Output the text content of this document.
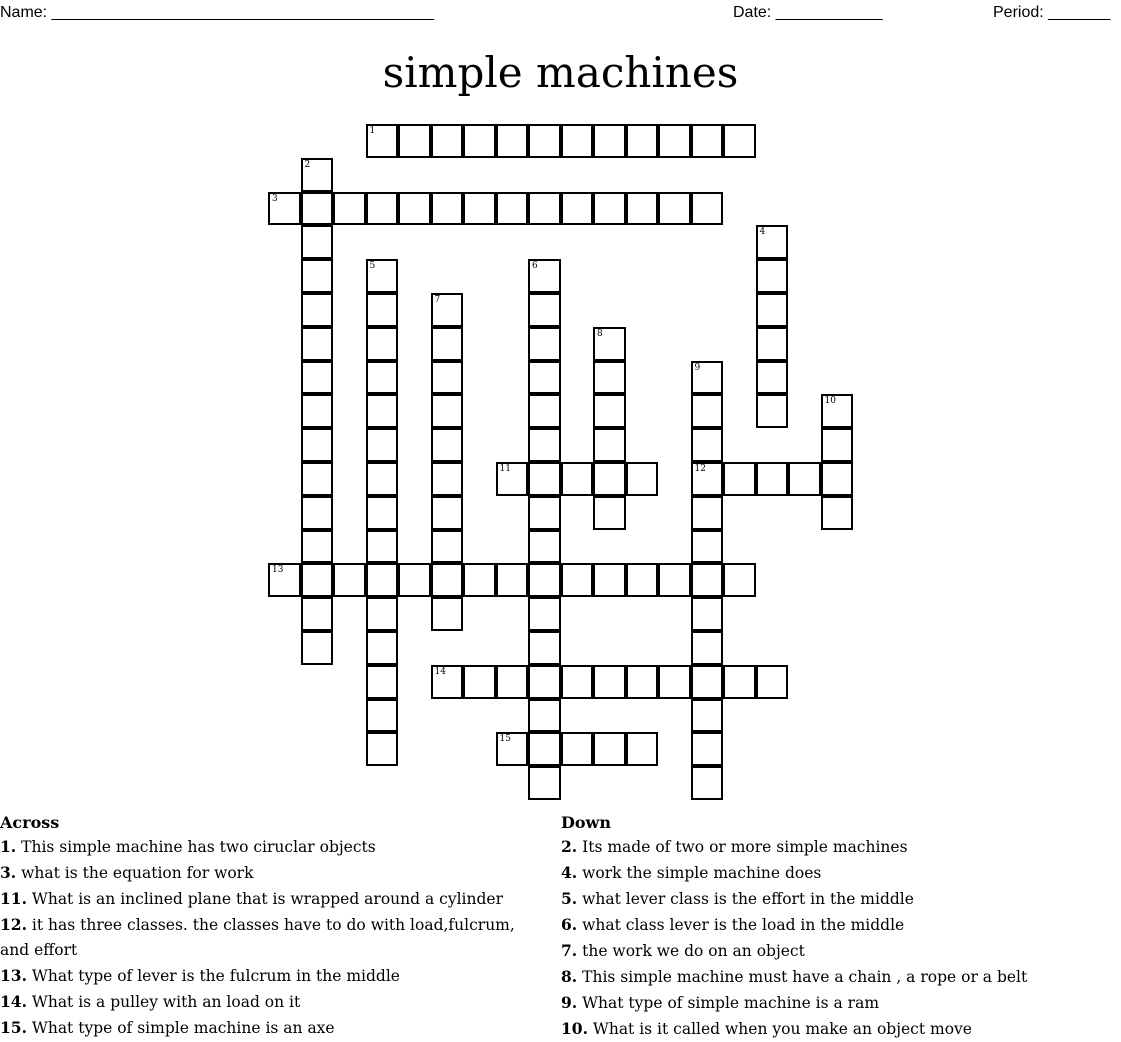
Name: ___________________________________________	Date: ____________	Period: _______
simple machines
1
3
11	12
13
14
15
2
4
5	6
7
8
9
10
Across
1. This simple machine has two ciruclar objects
3. what is the equation for work
11. What is an inclined plane that is wrapped around a cylinder
12. it has three classes. the classes have to do with load,fulcrum, and effort
13. What type of lever is the fulcrum in the middle
14. What is a pulley with an load on it
15. What type of simple machine is an axe
Down
2. Its made of two or more simple machines
4. work the simple machine does
5. what lever class is the effort in the middle
6. what class lever is the load in the middle
7. the work we do on an object
8. This simple machine must have a chain , a rope or a belt
9. What type of simple machine is a ram
10. What is it called when you make an object move
